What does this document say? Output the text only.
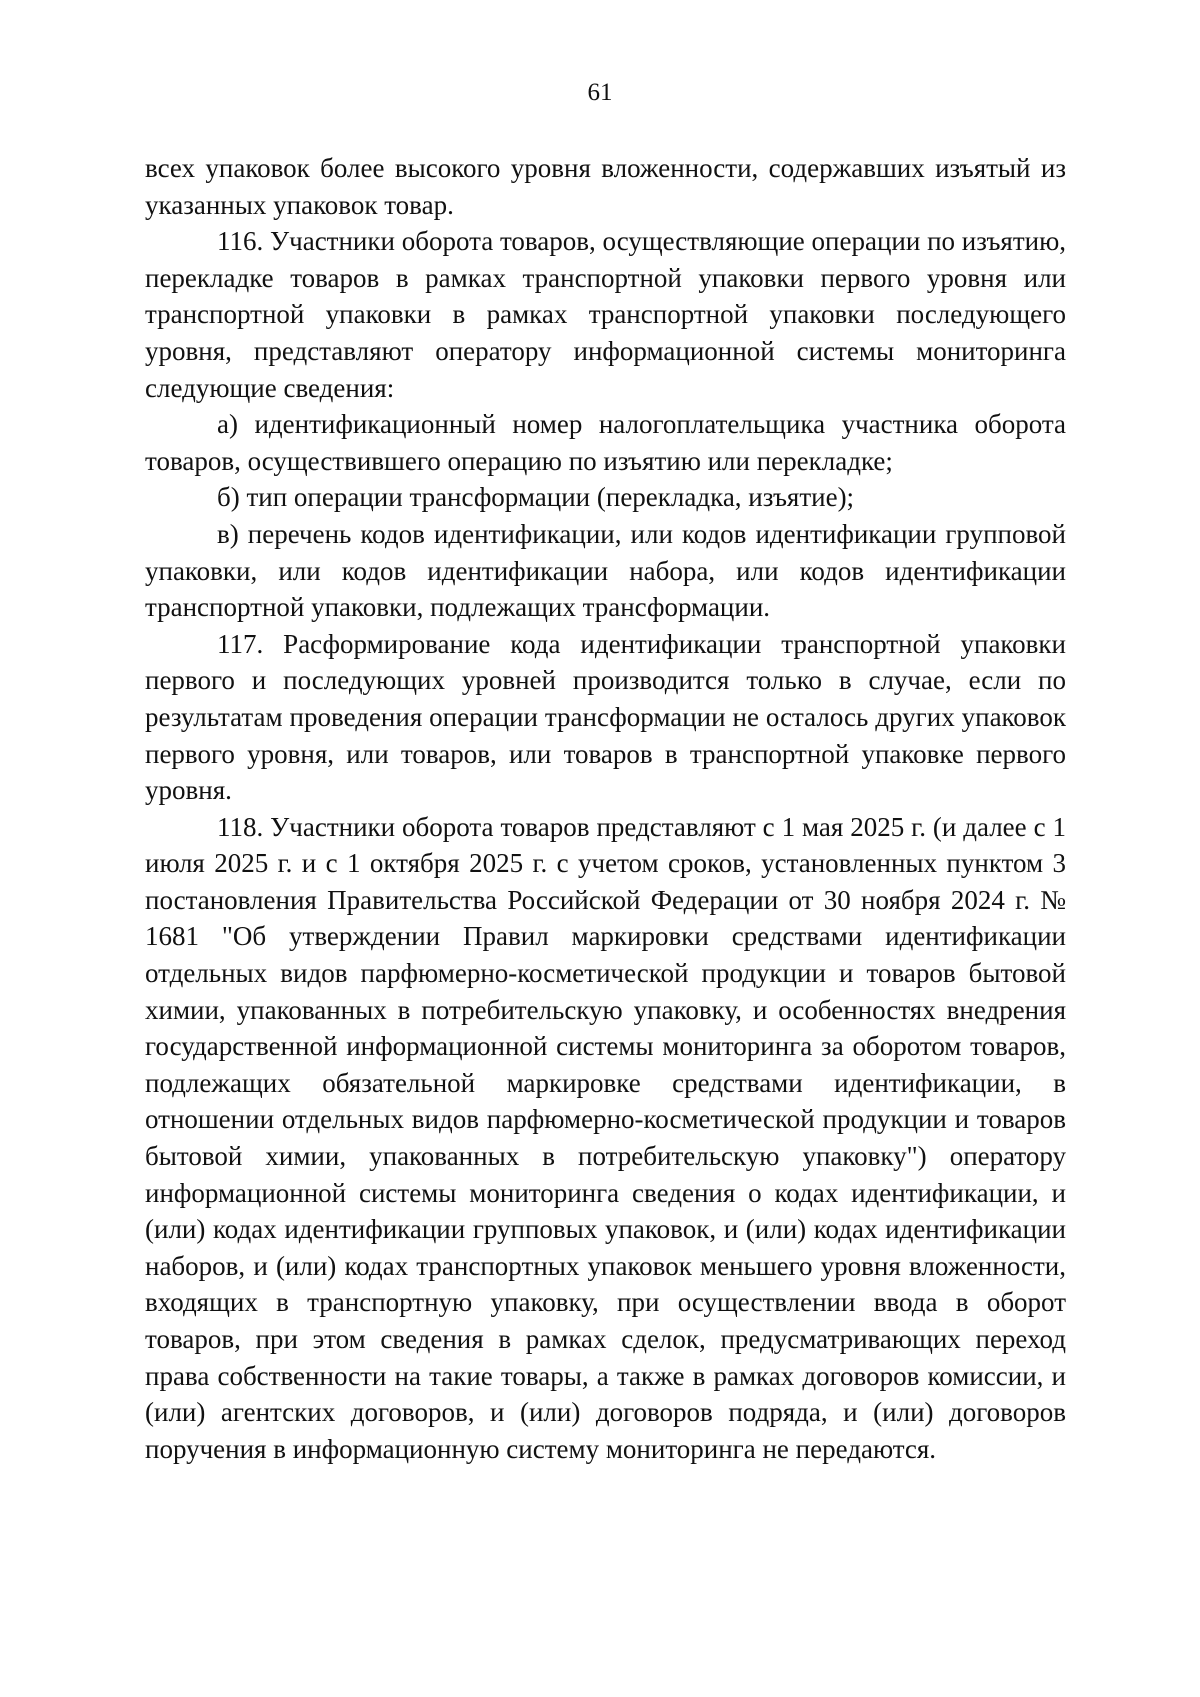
61

всех упаковок более высокого уровня вложенности, содержавших изъятый из указанных упаковок товар.

116. Участники оборота товаров, осуществляющие операции по изъятию, перекладке товаров в рамках транспортной упаковки первого уровня или транспортной упаковки в рамках транспортной упаковки последующего уровня, представляют оператору информационной системы мониторинга следующие сведения:

а) идентификационный номер налогоплательщика участника оборота товаров, осуществившего операцию по изъятию или перекладке;

б) тип операции трансформации (перекладка, изъятие);

в) перечень кодов идентификации, или кодов идентификации групповой упаковки, или кодов идентификации набора, или кодов идентификации транспортной упаковки, подлежащих трансформации.

117. Расформирование кода идентификации транспортной упаковки первого и последующих уровней производится только в случае, если по результатам проведения операции трансформации не осталось других упаковок первого уровня, или товаров, или товаров в транспортной упаковке первого уровня.

118. Участники оборота товаров представляют с 1 мая 2025 г. (и далее с 1 июля 2025 г. и с 1 октября 2025 г. с учетом сроков, установленных пунктом 3 постановления Правительства Российской Федерации от 30 ноября 2024 г. № 1681 "Об утверждении Правил маркировки средствами идентификации отдельных видов парфюмерно-косметической продукции и товаров бытовой химии, упакованных в потребительскую упаковку, и особенностях внедрения государственной информационной системы мониторинга за оборотом товаров, подлежащих обязательной маркировке средствами идентификации, в отношении отдельных видов парфюмерно-косметической продукции и товаров бытовой химии, упакованных в потребительскую упаковку") оператору информационной системы мониторинга сведения о кодах идентификации, и (или) кодах идентификации групповых упаковок, и (или) кодах идентификации наборов, и (или) кодах транспортных упаковок меньшего уровня вложенности, входящих в транспортную упаковку, при осуществлении ввода в оборот товаров, при этом сведения в рамках сделок, предусматривающих переход права собственности на такие товары, а также в рамках договоров комиссии, и (или) агентских договоров, и (или) договоров подряда, и (или) договоров поручения в информационную систему мониторинга не передаются.
